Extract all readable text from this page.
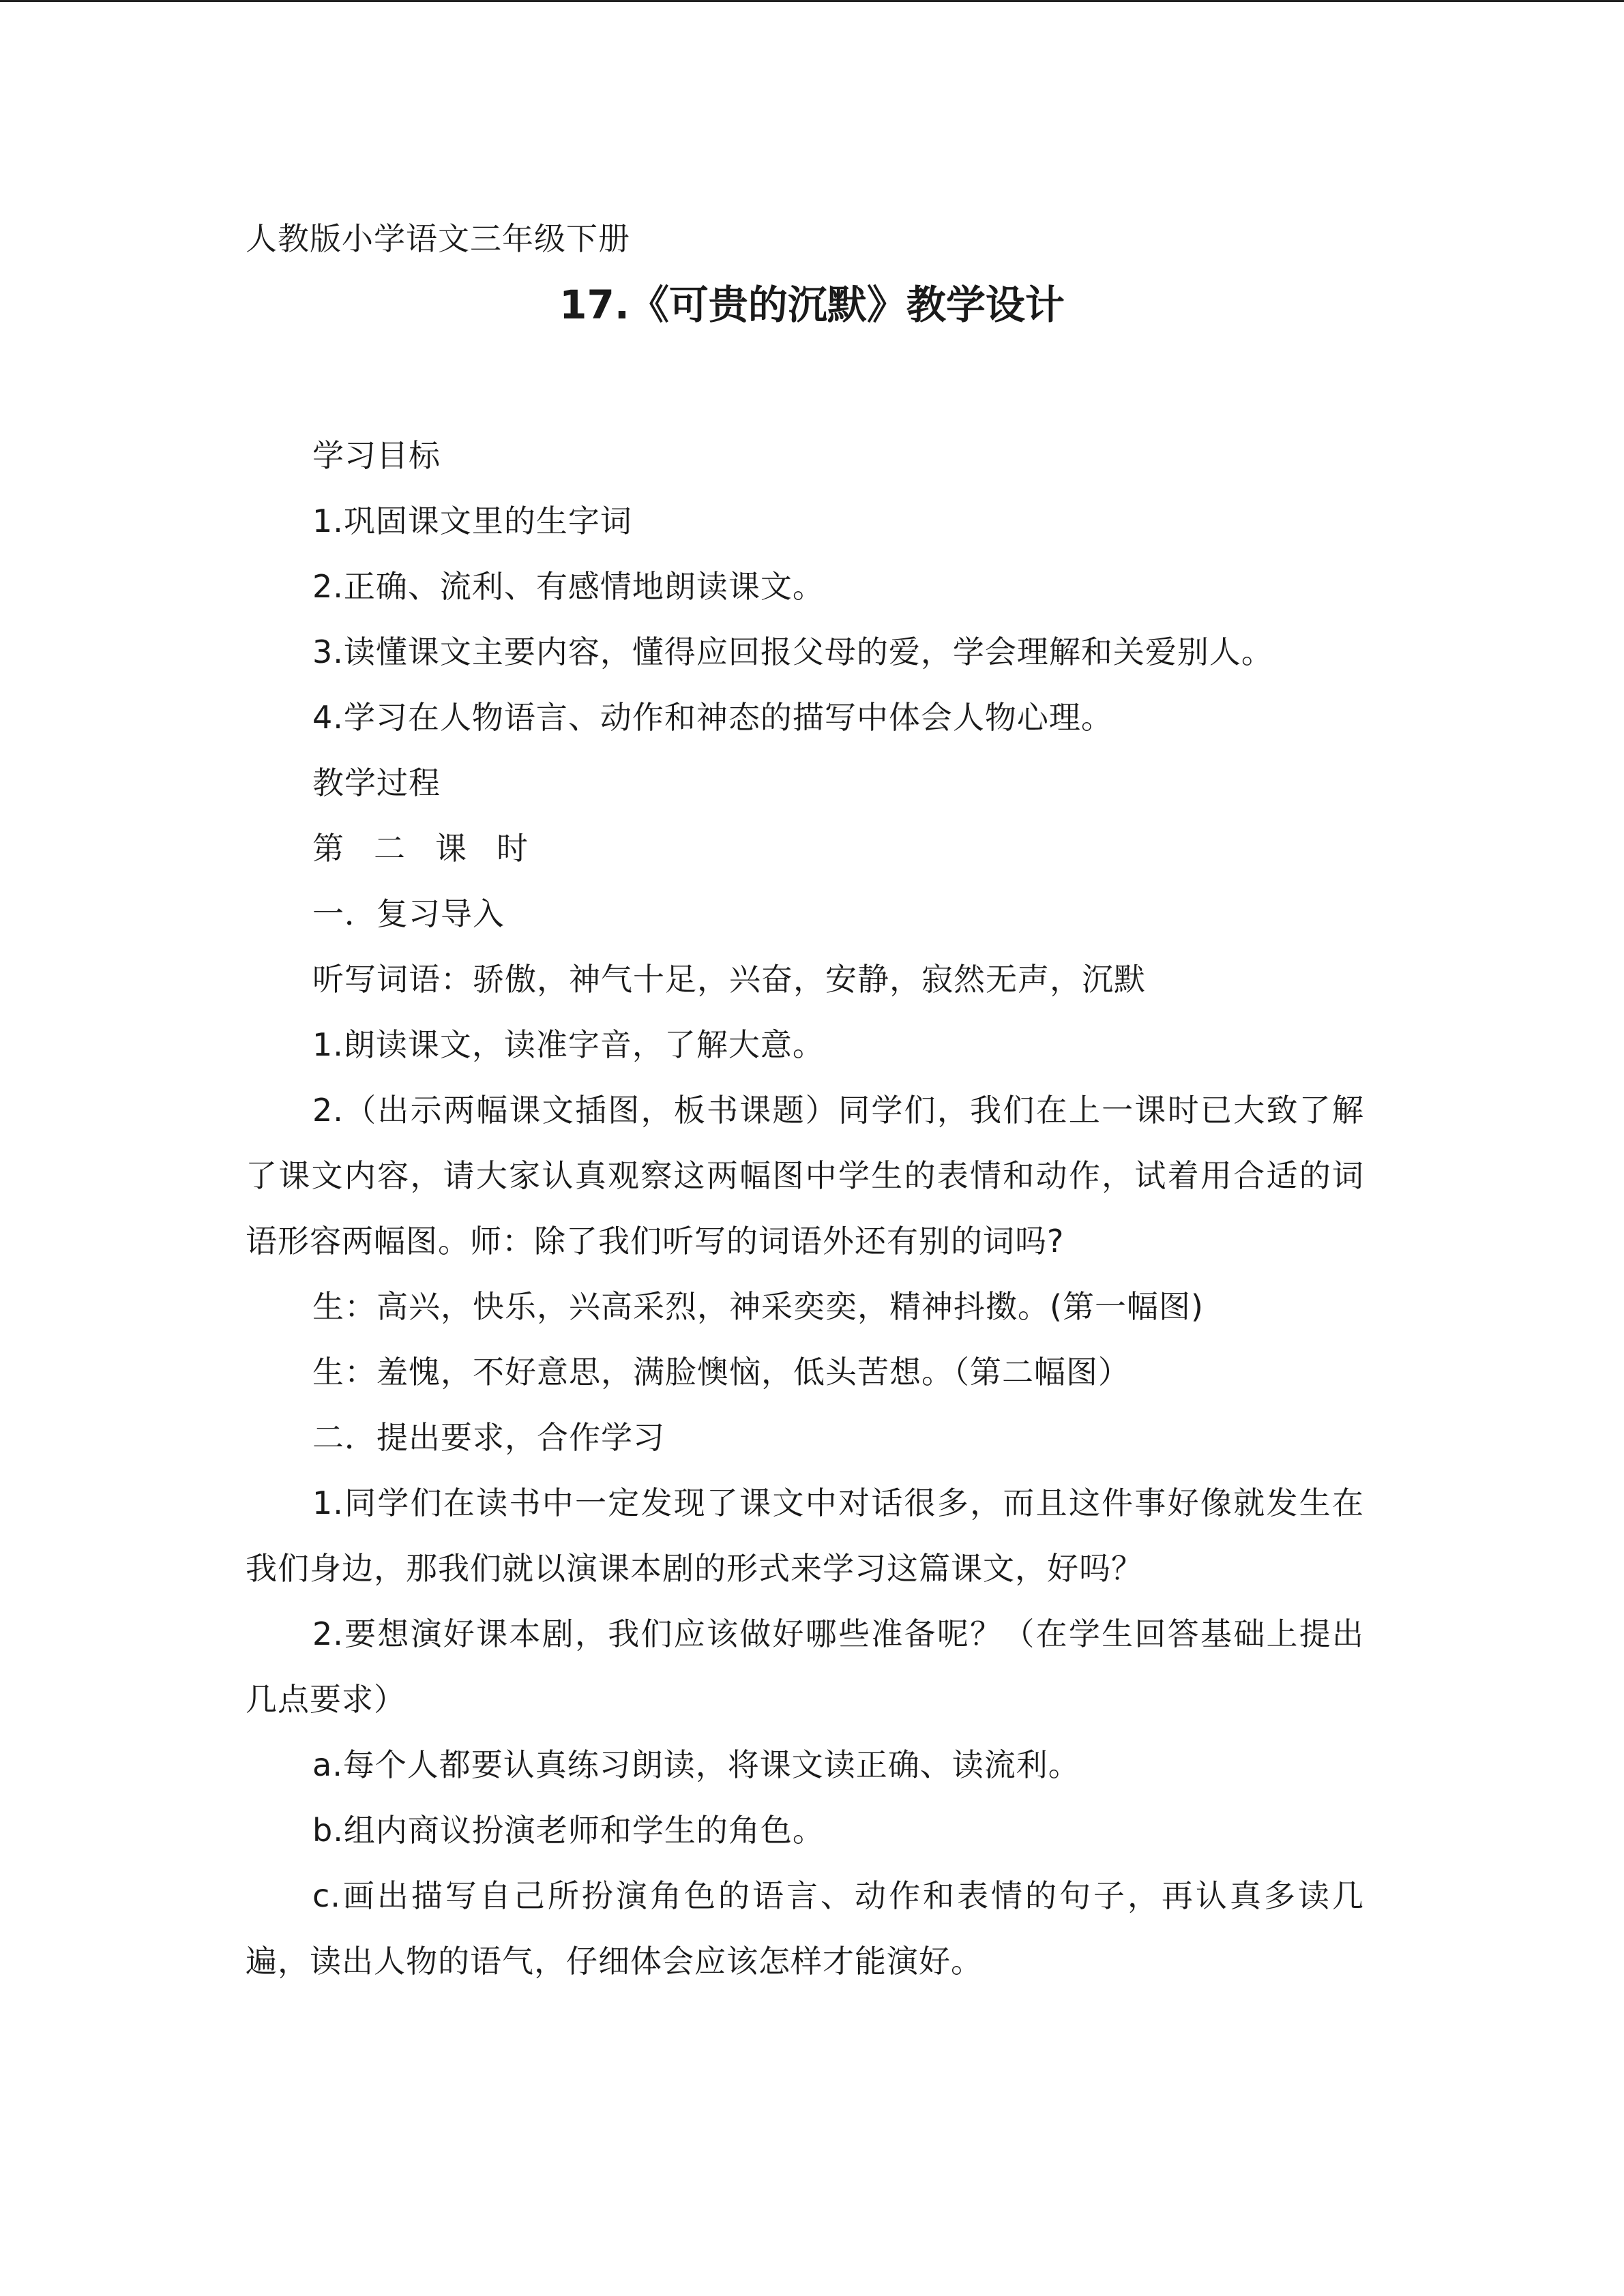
人教版小学语文三年级下册
17.《可贵的沉默》教学设计
学习目标
1.巩固课文里的生字词
2.正确、流利、有感情地朗读课文。
3.读懂课文主要内容，懂得应回报父母的爱，学会理解和关爱别人。
4.学习在人物语言、动作和神态的描写中体会人物心理。
教学过程
第二课时
一．复习导入
听写词语：骄傲，神气十足，兴奋，安静，寂然无声，沉默
1.朗读课文，读准字音，了解大意。
2.（出示两幅课文插图，板书课题）同学们，我们在上一课时已大致了解了课文内容，请大家认真观察这两幅图中学生的表情和动作，试着用合适的词语形容两幅图。师：除了我们听写的词语外还有别的词吗?
生：高兴，快乐，兴高采烈，神采奕奕，精神抖擞。(第一幅图)
生：羞愧，不好意思，满脸懊恼，低头苦想。（第二幅图）
二．提出要求，合作学习
1.同学们在读书中一定发现了课文中对话很多，而且这件事好像就发生在我们身边，那我们就以演课本剧的形式来学习这篇课文，好吗？
2.要想演好课本剧，我们应该做好哪些准备呢？（在学生回答基础上提出几点要求）
a.每个人都要认真练习朗读，将课文读正确、读流利。
b.组内商议扮演老师和学生的角色。
c.画出描写自己所扮演角色的语言、动作和表情的句子，再认真多读几遍，读出人物的语气，仔细体会应该怎样才能演好。
